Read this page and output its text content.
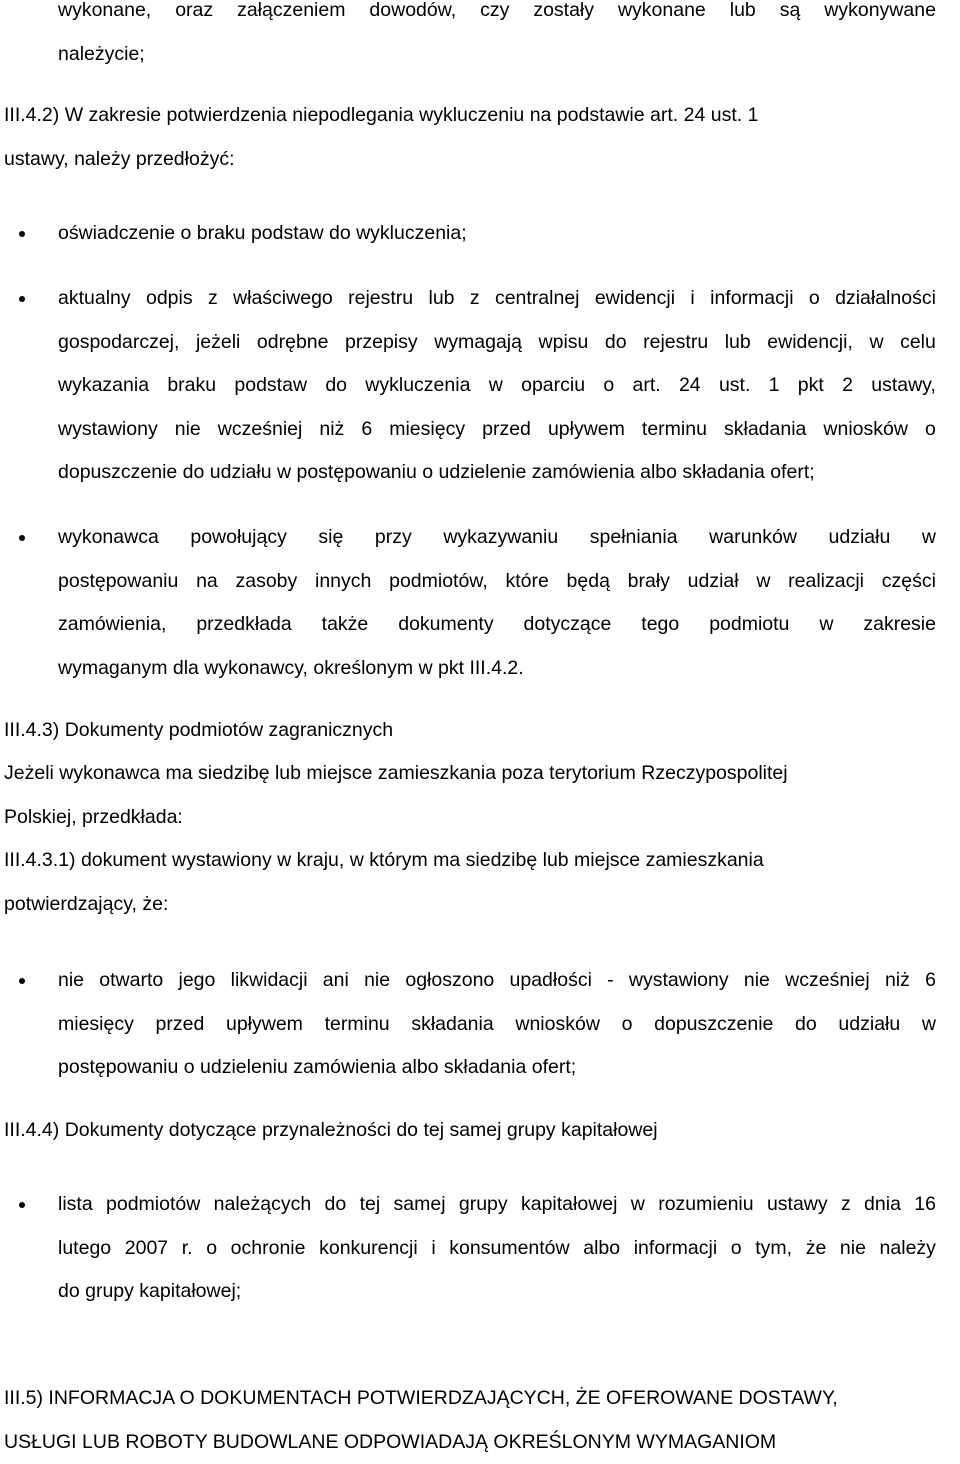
wykonane, oraz załączeniem dowodów, czy zostały wykonane lub są wykonywane
należycie;
III.4.2) W zakresie potwierdzenia niepodlegania wykluczeniu na podstawie art. 24 ust. 1
ustawy, należy przedłożyć:
oświadczenie o braku podstaw do wykluczenia;
aktualny odpis z właściwego rejestru lub z centralnej ewidencji i informacji o działalności
gospodarczej, jeżeli odrębne przepisy wymagają wpisu do rejestru lub ewidencji, w celu
wykazania braku podstaw do wykluczenia w oparciu o art. 24 ust. 1 pkt 2 ustawy,
wystawiony nie wcześniej niż 6 miesięcy przed upływem terminu składania wniosków o
dopuszczenie do udziału w postępowaniu o udzielenie zamówienia albo składania ofert;
wykonawca powołujący się przy wykazywaniu spełniania warunków udziału w
postępowaniu na zasoby innych podmiotów, które będą brały udział w realizacji części
zamówienia, przedkłada także dokumenty dotyczące tego podmiotu w zakresie
wymaganym dla wykonawcy, określonym w pkt III.4.2.
III.4.3) Dokumenty podmiotów zagranicznych
Jeżeli wykonawca ma siedzibę lub miejsce zamieszkania poza terytorium Rzeczypospolitej
Polskiej, przedkłada:
III.4.3.1) dokument wystawiony w kraju, w którym ma siedzibę lub miejsce zamieszkania
potwierdzający, że:
nie otwarto jego likwidacji ani nie ogłoszono upadłości - wystawiony nie wcześniej niż 6
miesięcy przed upływem terminu składania wniosków o dopuszczenie do udziału w
postępowaniu o udzieleniu zamówienia albo składania ofert;
III.4.4) Dokumenty dotyczące przynależności do tej samej grupy kapitałowej
lista podmiotów należących do tej samej grupy kapitałowej w rozumieniu ustawy z dnia 16
lutego 2007 r. o ochronie konkurencji i konsumentów albo informacji o tym, że nie należy
do grupy kapitałowej;
III.5) INFORMACJA O DOKUMENTACH POTWIERDZAJĄCYCH, ŻE OFEROWANE DOSTAWY,
USŁUGI LUB ROBOTY BUDOWLANE ODPOWIADAJĄ OKREŚLONYM WYMAGANIOM
